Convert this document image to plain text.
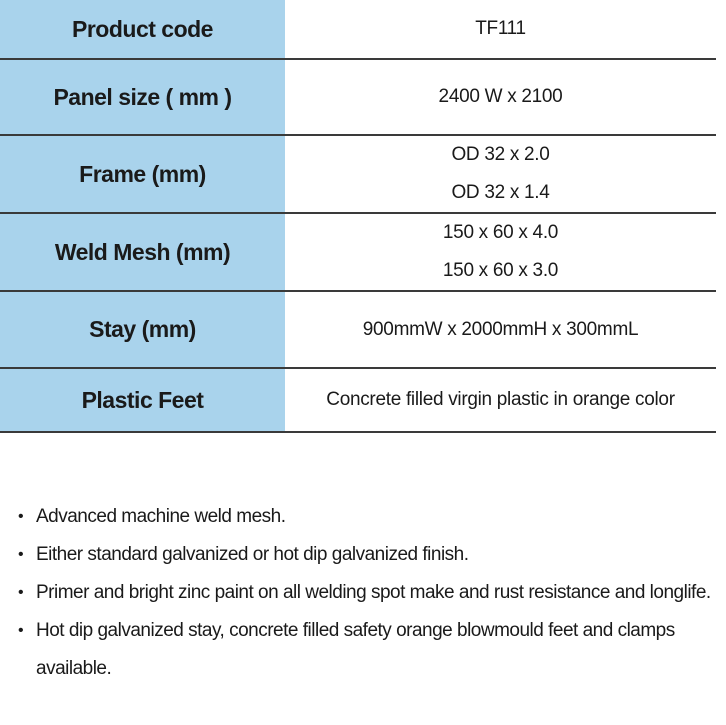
Product code	TF111

Panel size ( mm )	2400 W x 2100

Frame (mm)	OD 32 x 2.0
OD 32 x 1.4

Weld Mesh (mm)	150 x 60 x 4.0
150 x 60 x 3.0

Stay (mm)	900mmW x 2000mmH x 300mmL

Plastic Feet	Concrete filled virgin plastic in orange color
• Advanced machine weld mesh.
• Either standard galvanized or hot dip galvanized finish.
• Primer and bright zinc paint on all welding spot make and rust resistance and longlife.
• Hot dip galvanized stay, concrete filled safety orange blowmould feet and clamps available.
